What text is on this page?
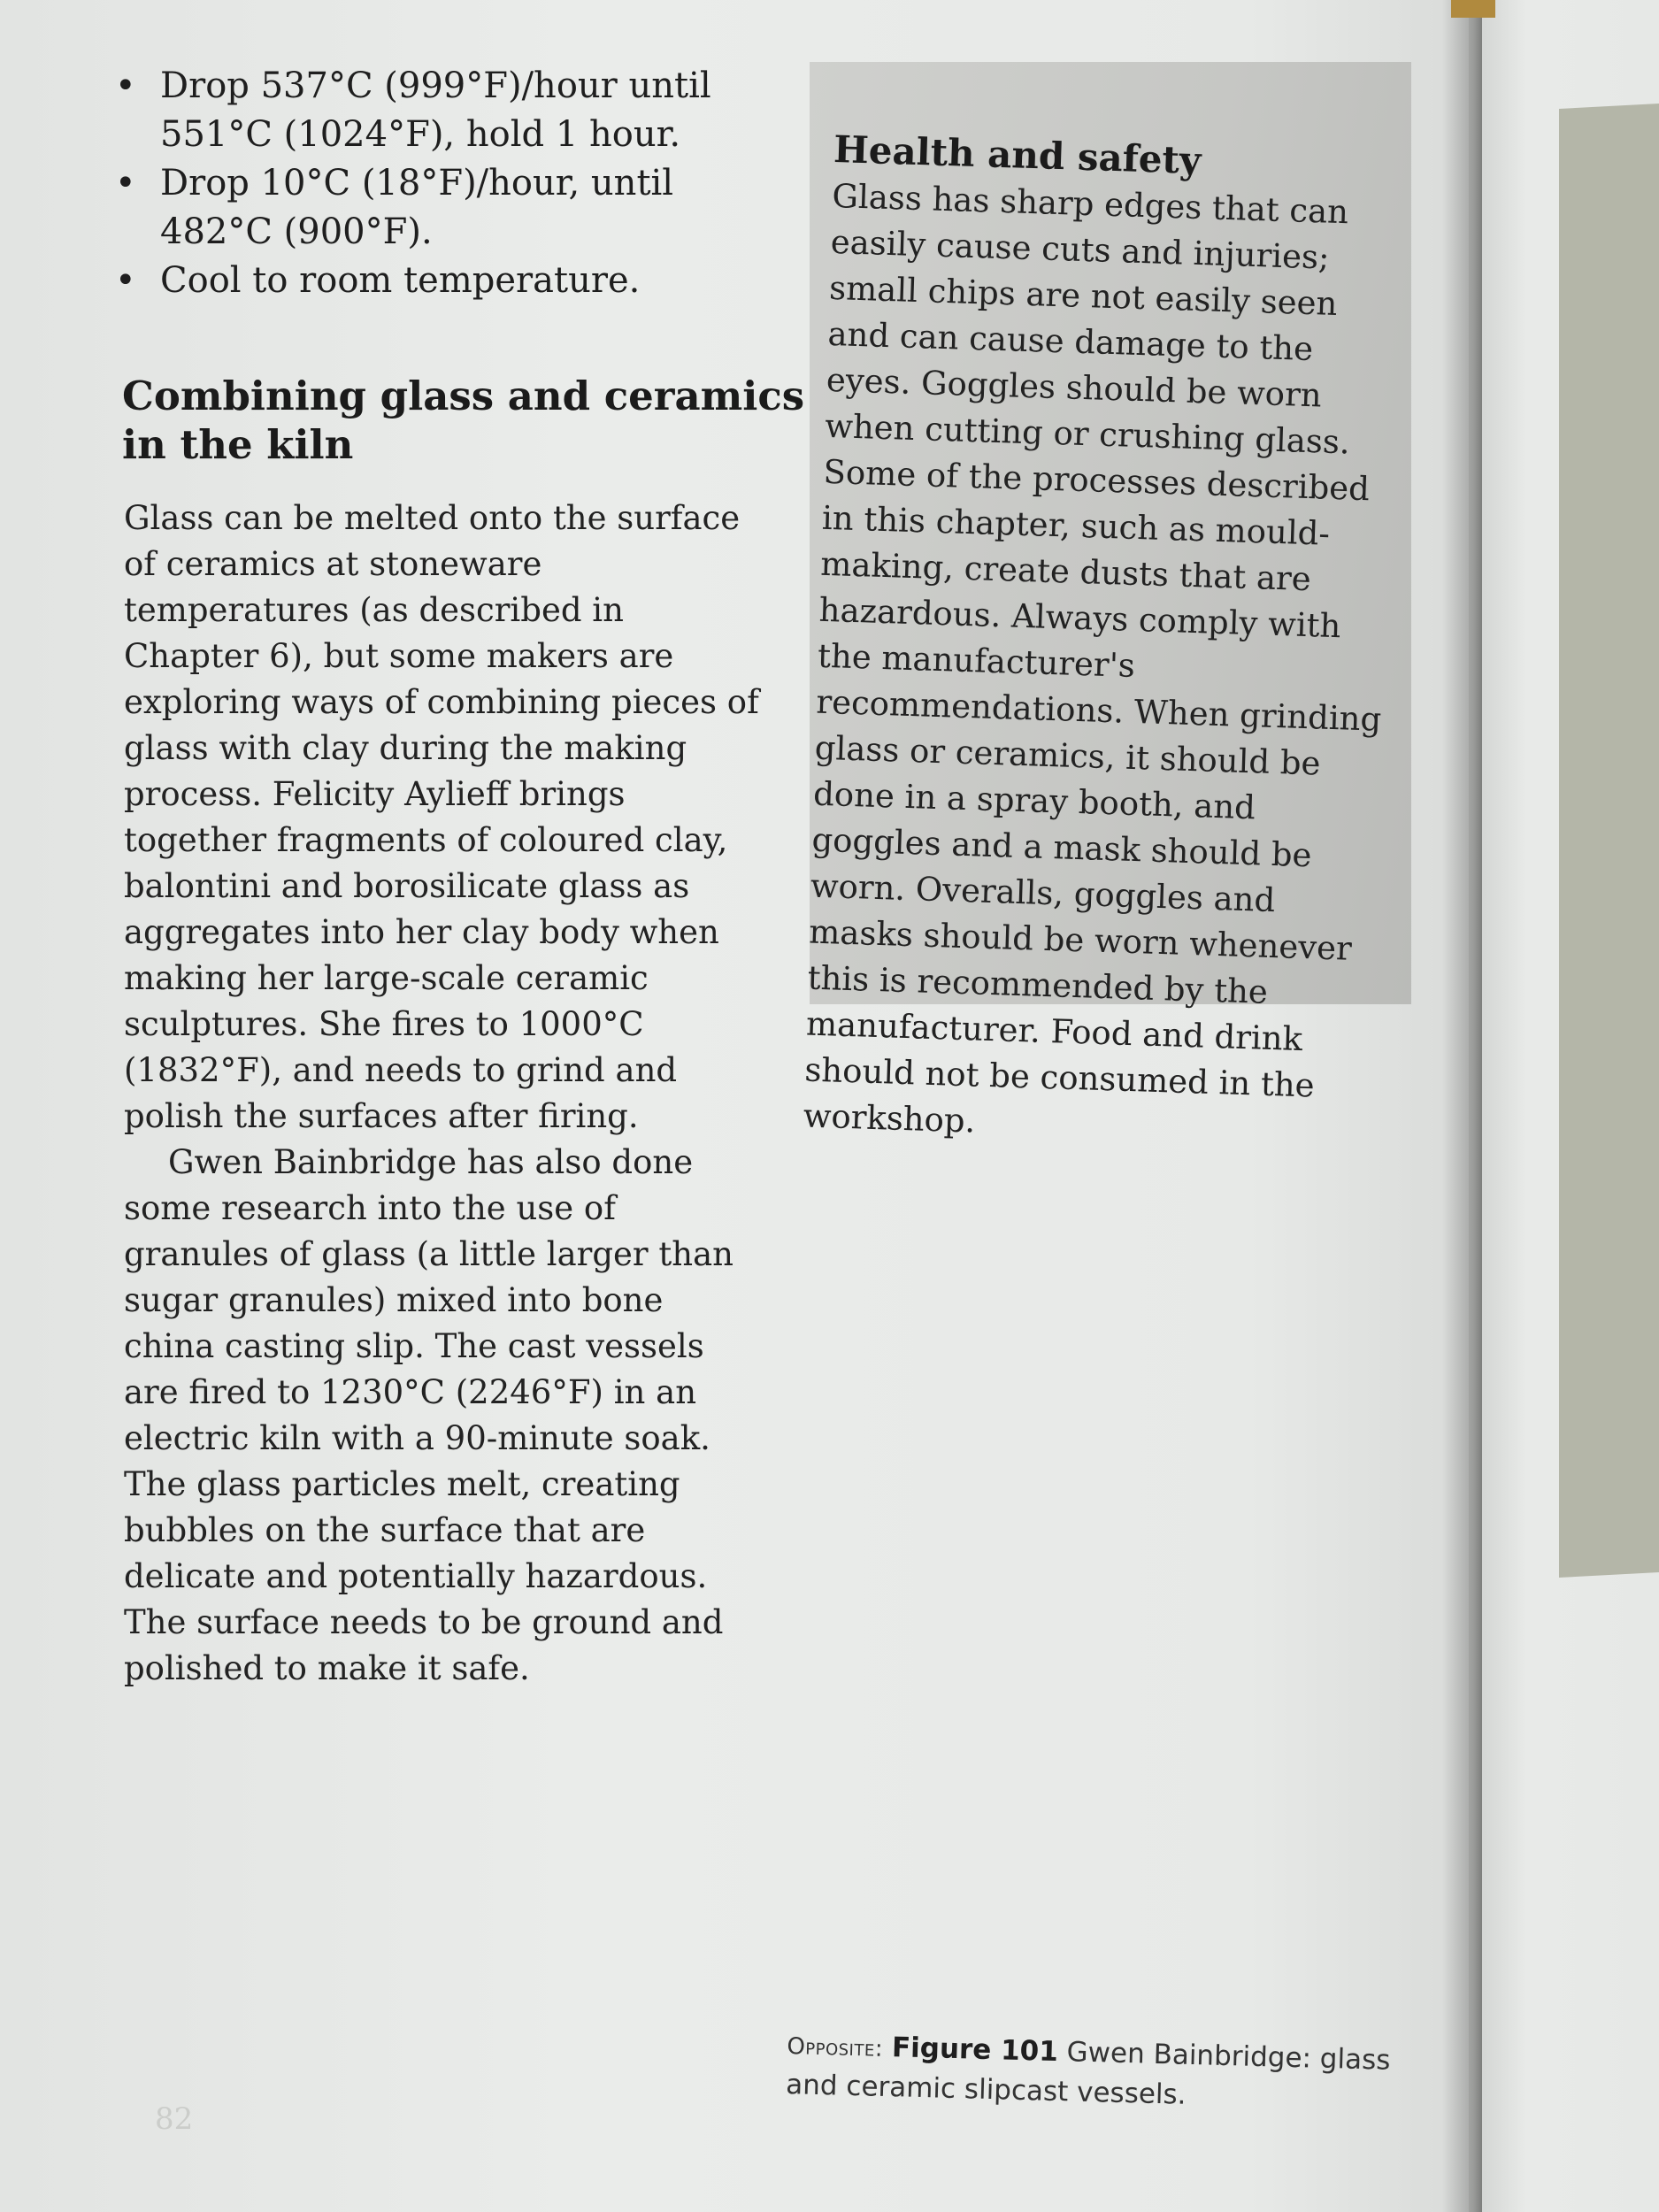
• Drop 537°C (999°F)/hour until 551°C (1024°F), hold 1 hour.
• Drop 10°C (18°F)/hour, until 482°C (900°F).
• Cool to room temperature.
Combining glass and ceramics in the kiln

Glass can be melted onto the surface of ceramics at stoneware temperatures (as described in Chapter 6), but some makers are exploring ways of combining pieces of glass with clay during the making process. Felicity Aylieff brings together fragments of coloured clay, balontini and borosilicate glass as aggregates into her clay body when making her large-scale ceramic sculptures. She fires to 1000°C (1832°F), and needs to grind and polish the surfaces after firing.

Gwen Bainbridge has also done some research into the use of granules of glass (a little larger than sugar granules) mixed into bone china casting slip. The cast vessels are fired to 1230°C (2246°F) in an electric kiln with a 90-minute soak. The glass particles melt, creating bubbles on the surface that are delicate and potentially hazardous. The surface needs to be ground and polished to make it safe.

Health and safety

Glass has sharp edges that can easily cause cuts and injuries; small chips are not easily seen and can cause damage to the eyes. Goggles should be worn when cutting or crushing glass. Some of the processes described in this chapter, such as mould-making, create dusts that are hazardous. Always comply with the manufacturer's recommendations. When grinding glass or ceramics, it should be done in a spray booth, and goggles and a mask should be worn. Overalls, goggles and masks should be worn whenever this is recommended by the manufacturer. Food and drink should not be consumed in the workshop.

Opposite: Figure 101 Gwen Bainbridge: glass and ceramic slipcast vessels.
82
